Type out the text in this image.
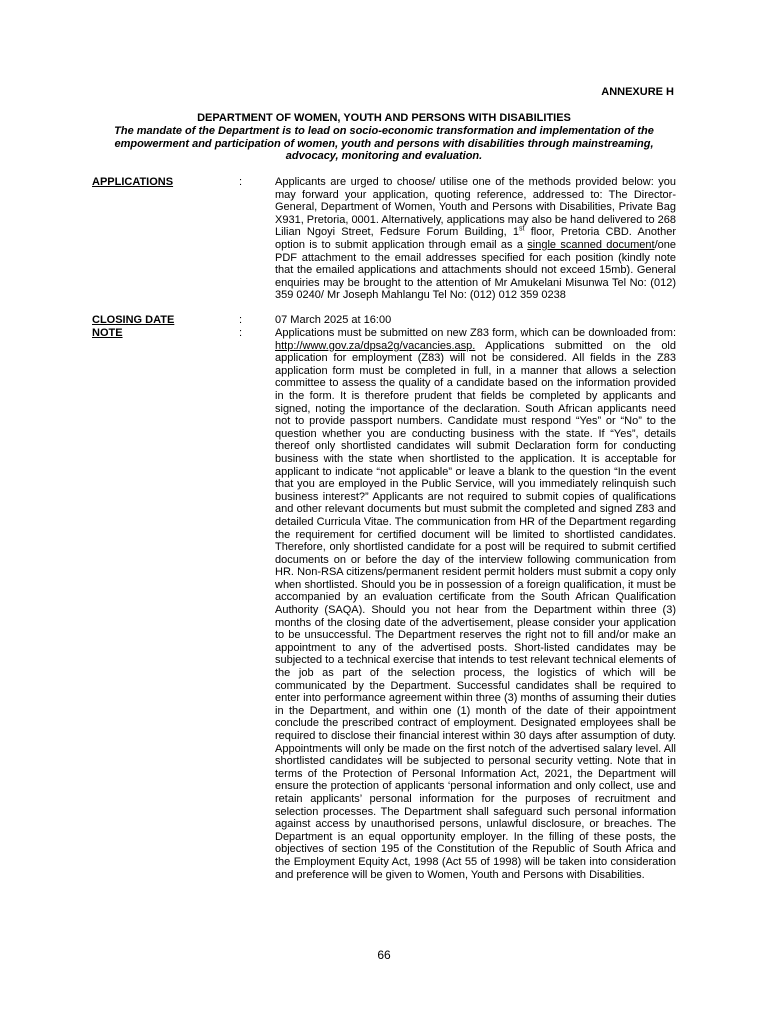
ANNEXURE H
DEPARTMENT OF WOMEN, YOUTH AND PERSONS WITH DISABILITIES
The mandate of the Department is to lead on socio-economic transformation and implementation of the empowerment and participation of women, youth and persons with disabilities through mainstreaming, advocacy, monitoring and evaluation.
APPLICATIONS	:	Applicants are urged to choose/ utilise one of the methods provided below: you may forward your application, quoting reference, addressed to: The Director-General, Department of Women, Youth and Persons with Disabilities, Private Bag X931, Pretoria, 0001. Alternatively, applications may also be hand delivered to 268 Lilian Ngoyi Street, Fedsure Forum Building, 1st floor, Pretoria CBD. Another option is to submit application through email as a single scanned document/one PDF attachment to the email addresses specified for each position (kindly note that the emailed applications and attachments should not exceed 15mb). General enquiries may be brought to the attention of Mr Amukelani Misunwa Tel No: (012) 359 0240/ Mr Joseph Mahlangu Tel No: (012) 012 359 0238
CLOSING DATE	:	07 March 2025 at 16:00
NOTE	:	Applications must be submitted on new Z83 form, which can be downloaded from: http://www.gov.za/dpsa2g/vacancies.asp. Applications submitted on the old application for employment (Z83) will not be considered. All fields in the Z83 application form must be completed in full, in a manner that allows a selection committee to assess the quality of a candidate based on the information provided in the form. It is therefore prudent that fields be completed by applicants and signed, noting the importance of the declaration. South African applicants need not to provide passport numbers. Candidate must respond “Yes” or “No” to the question whether you are conducting business with the state. If “Yes”, details thereof only shortlisted candidates will submit Declaration form for conducting business with the state when shortlisted to the application. It is acceptable for applicant to indicate “not applicable” or leave a blank to the question “In the event that you are employed in the Public Service, will you immediately relinquish such business interest?” Applicants are not required to submit copies of qualifications and other relevant documents but must submit the completed and signed Z83 and detailed Curricula Vitae. The communication from HR of the Department regarding the requirement for certified document will be limited to shortlisted candidates. Therefore, only shortlisted candidate for a post will be required to submit certified documents on or before the day of the interview following communication from HR. Non-RSA citizens/permanent resident permit holders must submit a copy only when shortlisted. Should you be in possession of a foreign qualification, it must be accompanied by an evaluation certificate from the South African Qualification Authority (SAQA). Should you not hear from the Department within three (3) months of the closing date of the advertisement, please consider your application to be unsuccessful. The Department reserves the right not to fill and/or make an appointment to any of the advertised posts. Short-listed candidates may be subjected to a technical exercise that intends to test relevant technical elements of the job as part of the selection process, the logistics of which will be communicated by the Department. Successful candidates shall be required to enter into performance agreement within three (3) months of assuming their duties in the Department, and within one (1) month of the date of their appointment conclude the prescribed contract of employment. Designated employees shall be required to disclose their financial interest within 30 days after assumption of duty. Appointments will only be made on the first notch of the advertised salary level. All shortlisted candidates will be subjected to personal security vetting. Note that in terms of the Protection of Personal Information Act, 2021, the Department will ensure the protection of applicants ‘personal information and only collect, use and retain applicants’ personal information for the purposes of recruitment and selection processes. The Department shall safeguard such personal information against access by unauthorised persons, unlawful disclosure, or breaches. The Department is an equal opportunity employer. In the filling of these posts, the objectives of section 195 of the Constitution of the Republic of South Africa and the Employment Equity Act, 1998 (Act 55 of 1998) will be taken into consideration and preference will be given to Women, Youth and Persons with Disabilities.
66
